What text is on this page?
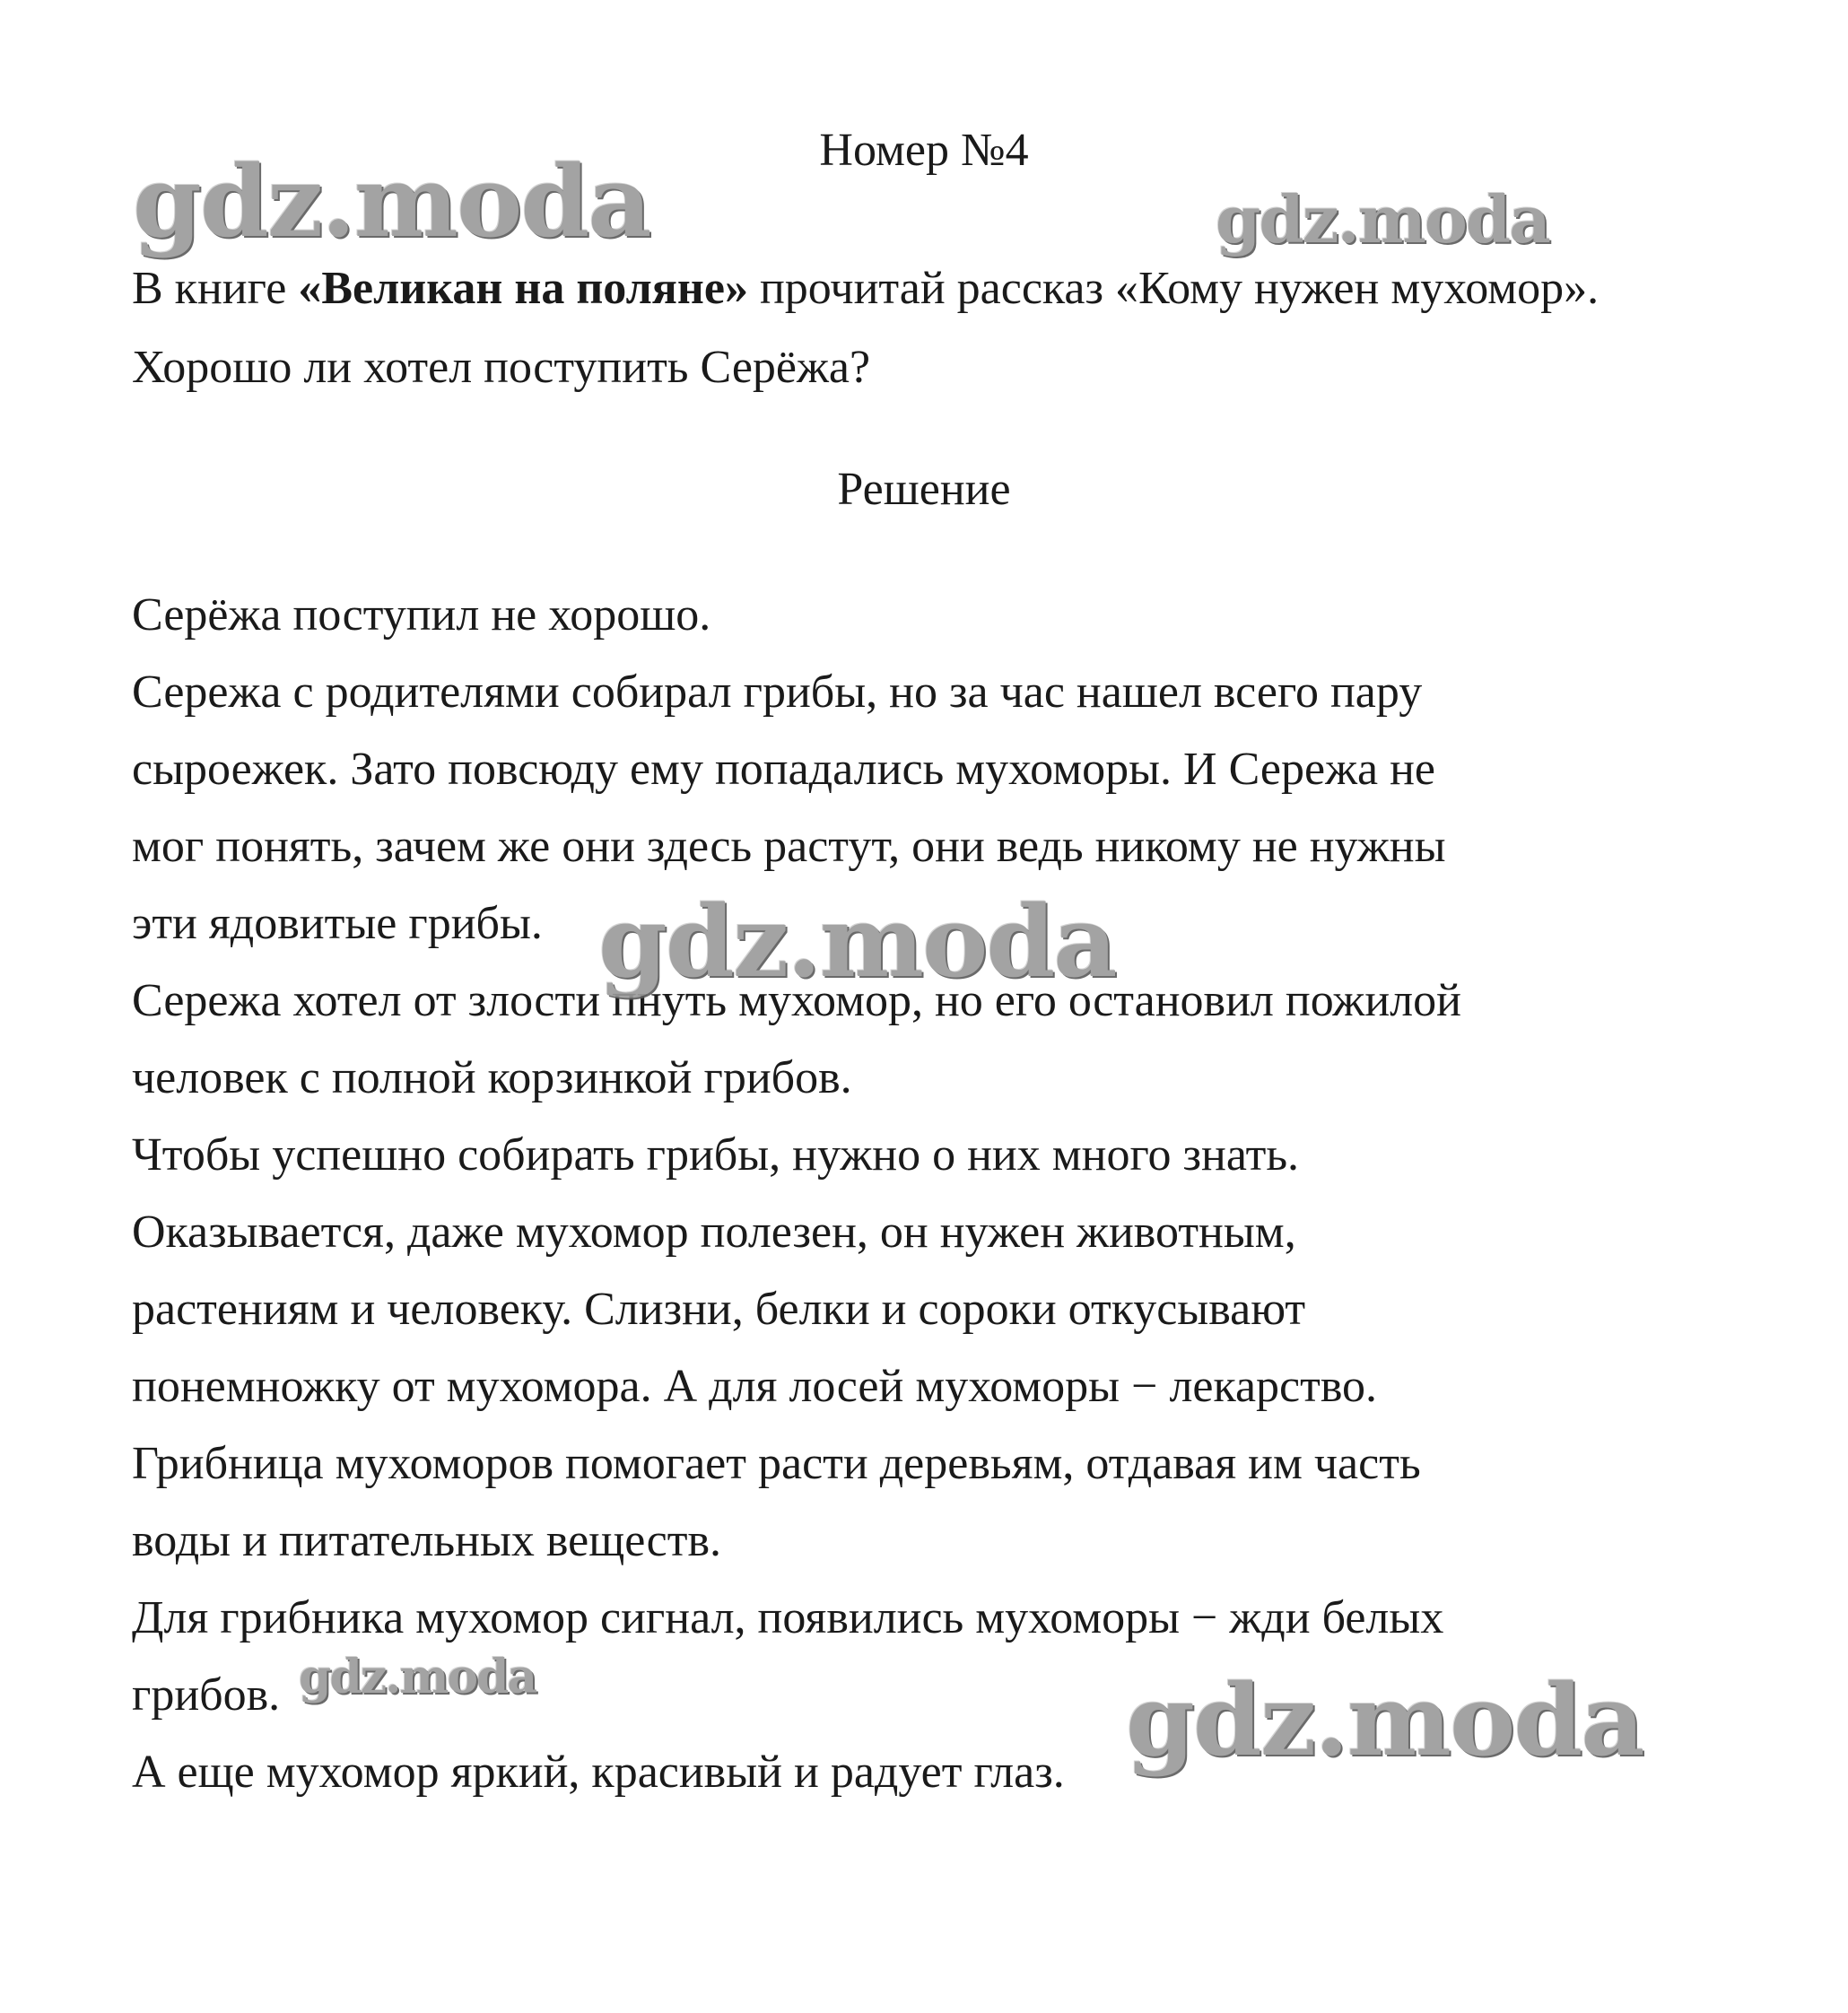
Номер №4

В книге «Великан на поляне» прочитай рассказ «Кому нужен мухомор». Хорошо ли хотел поступить Серёжа?

Решение
Серёжа поступил не хорошо.
Сережа с родителями собирал грибы, но за час нашел всего пару
сыроежек. Зато повсюду ему попадались мухоморы. И Сережа не
мог понять, зачем же они здесь растут, они ведь никому не нужны
эти ядовитые грибы.
Сережа хотел от злости пнуть мухомор, но его остановил пожилой
человек с полной корзинкой грибов.
Чтобы успешно собирать грибы, нужно о них много знать.
Оказывается, даже мухомор полезен, он нужен животным,
растениям и человеку. Слизни, белки и сороки откусывают
понемножку от мухомора. А для лосей мухоморы − лекарство.
Грибница мухоморов помогает расти деревьям, отдавая им часть
воды и питательных веществ.
Для грибника мухомор сигнал, появились мухоморы − жди белых
грибов.
А еще мухомор яркий, красивый и радует глаз.
gdz.moda	gdz.moda
gdz.moda
gdz.moda	gdz.moda
